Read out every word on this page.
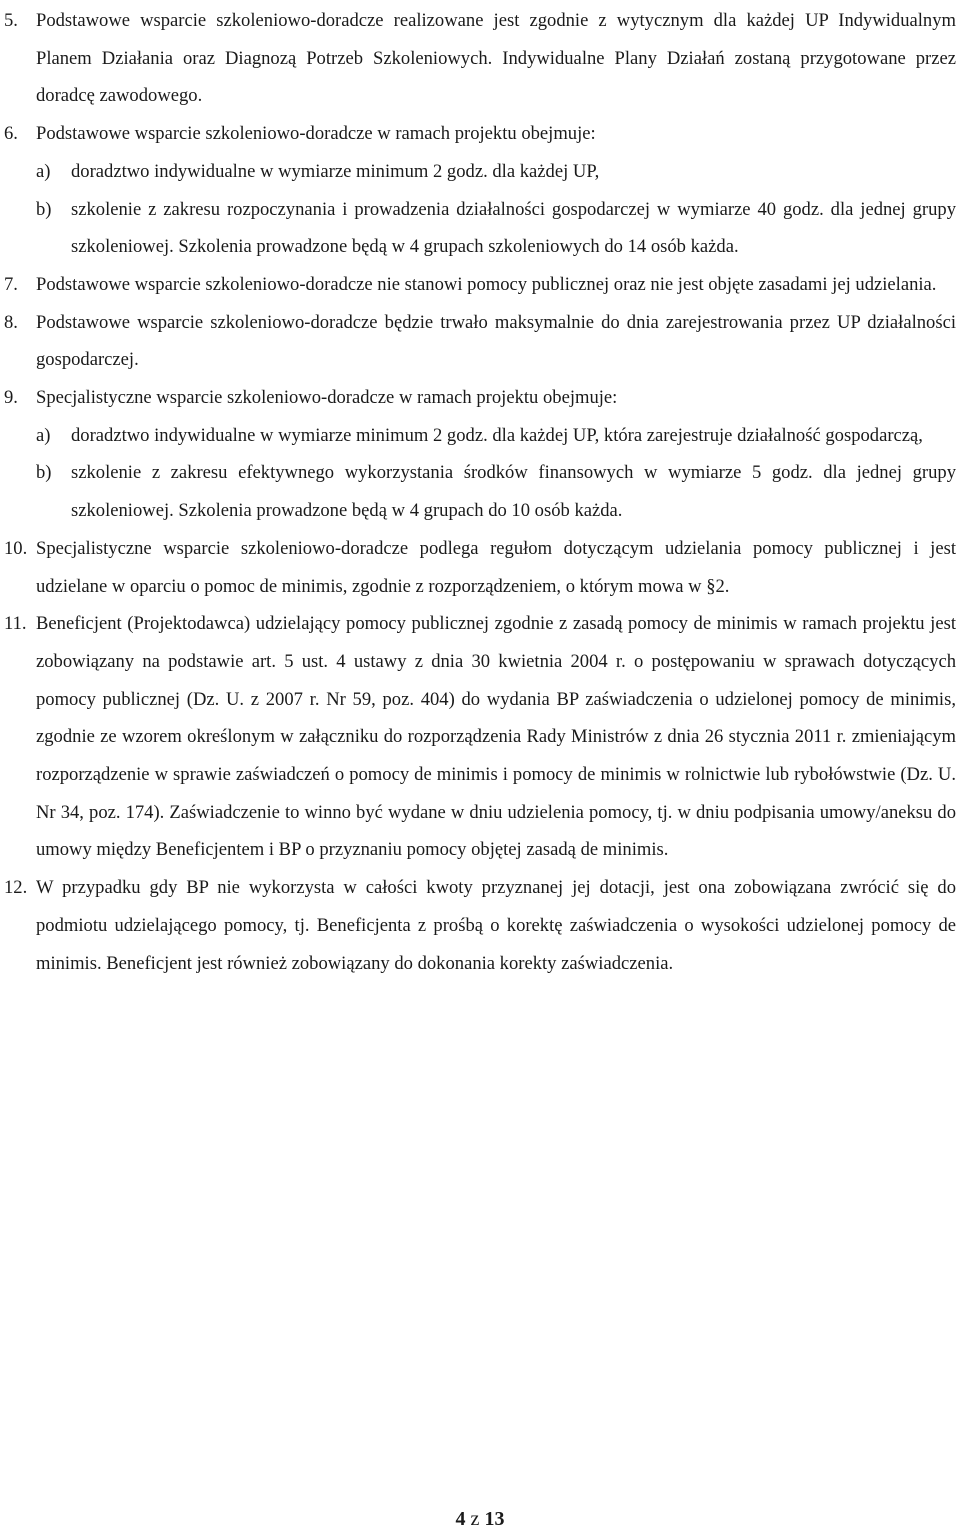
5. Podstawowe wsparcie szkoleniowo-doradcze realizowane jest zgodnie z wytycznym dla każdej UP Indywidualnym Planem Działania oraz Diagnozą Potrzeb Szkoleniowych. Indywidualne Plany Działań zostaną przygotowane przez doradcę zawodowego.
6. Podstawowe wsparcie szkoleniowo-doradcze w ramach projektu obejmuje:
a) doradztwo indywidualne w wymiarze minimum 2 godz. dla każdej UP,
b) szkolenie z zakresu rozpoczynania i prowadzenia działalności gospodarczej w wymiarze 40 godz. dla jednej grupy szkoleniowej. Szkolenia prowadzone będą w 4 grupach szkoleniowych do 14 osób każda.
7. Podstawowe wsparcie szkoleniowo-doradcze nie stanowi pomocy publicznej oraz nie jest objęte zasadami jej udzielania.
8. Podstawowe wsparcie szkoleniowo-doradcze będzie trwało maksymalnie do dnia zarejestrowania przez UP działalności gospodarczej.
9. Specjalistyczne wsparcie szkoleniowo-doradcze w ramach projektu obejmuje:
a) doradztwo indywidualne w wymiarze minimum 2 godz. dla każdej UP, która zarejestruje działalność gospodarczą,
b) szkolenie z zakresu efektywnego wykorzystania środków finansowych w wymiarze 5 godz. dla jednej grupy szkoleniowej. Szkolenia prowadzone będą w 4 grupach do 10 osób każda.
10. Specjalistyczne wsparcie szkoleniowo-doradcze podlega regułom dotyczącym udzielania pomocy publicznej i jest udzielane w oparciu o pomoc de minimis, zgodnie z rozporządzeniem, o którym mowa w §2.
11. Beneficjent (Projektodawca) udzielający pomocy publicznej zgodnie z zasadą pomocy de minimis w ramach projektu jest zobowiązany na podstawie art. 5 ust. 4 ustawy z dnia 30 kwietnia 2004 r. o postępowaniu w sprawach dotyczących pomocy publicznej (Dz. U. z 2007 r. Nr 59, poz. 404) do wydania BP zaświadczenia o udzielonej pomocy de minimis, zgodnie ze wzorem określonym w załączniku do rozporządzenia Rady Ministrów z dnia 26 stycznia 2011 r. zmieniającym rozporządzenie w sprawie zaświadczeń o pomocy de minimis i pomocy de minimis w rolnictwie lub rybołówstwie (Dz. U. Nr 34, poz. 174). Zaświadczenie to winno być wydane w dniu udzielenia pomocy, tj. w dniu podpisania umowy/aneksu do umowy między Beneficjentem i BP o przyznaniu pomocy objętej zasadą de minimis.
12. W przypadku gdy BP nie wykorzysta w całości kwoty przyznanej jej dotacji, jest ona zobowiązana zwrócić się do podmiotu udzielającego pomocy, tj. Beneficjenta z prośbą o korektę zaświadczenia o wysokości udzielonej pomocy de minimis. Beneficjent jest również zobowiązany do dokonania korekty zaświadczenia.
4 z 13
